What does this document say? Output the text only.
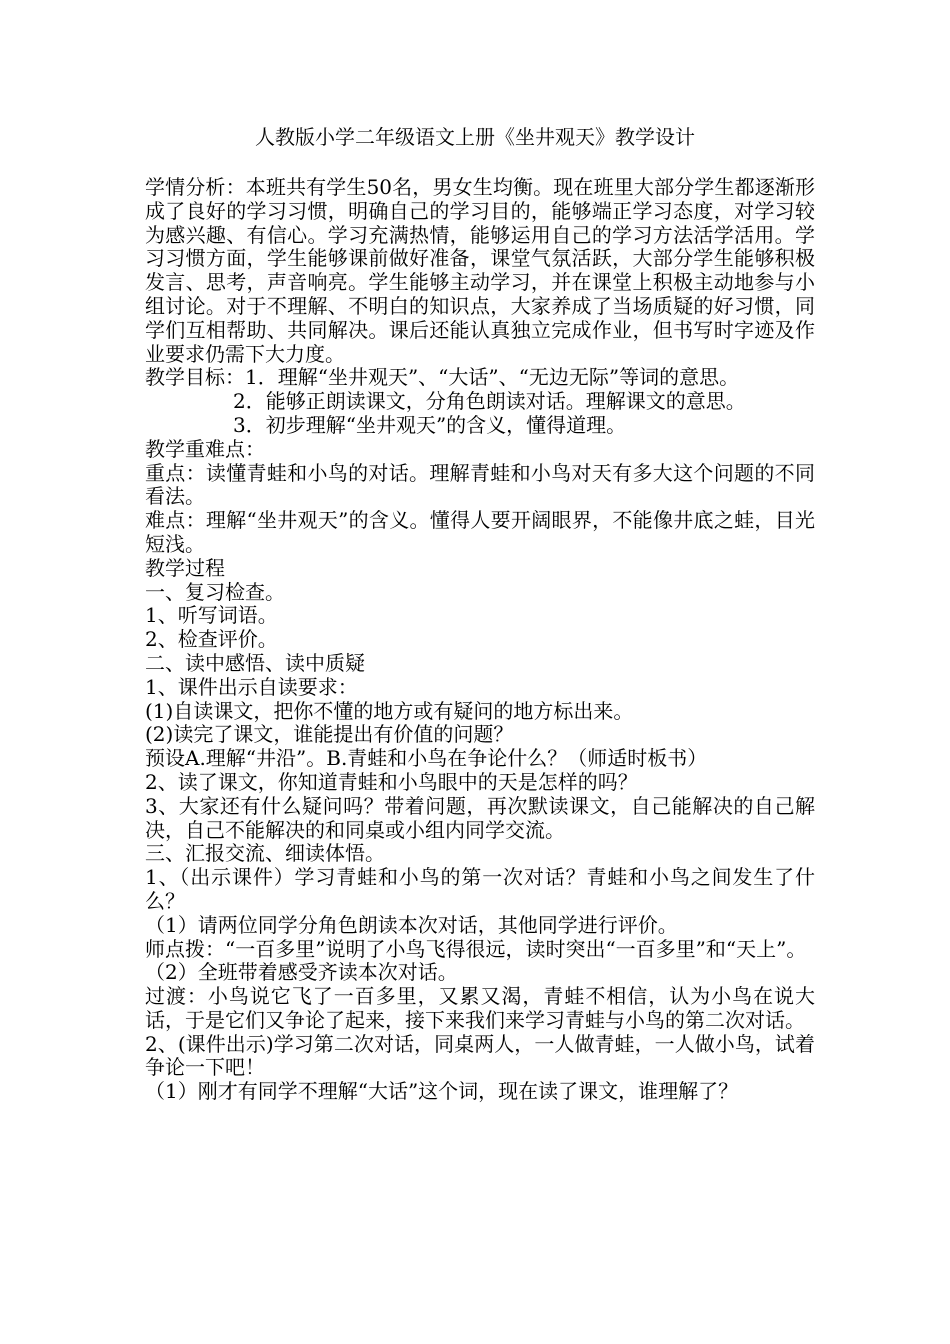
人教版小学二年级语文上册《坐井观天》教学设计

学情分析：本班共有学生50名，男女生均衡。现在班里大部分学生都逐渐形成了良好的学习习惯，明确自己的学习目的，能够端正学习态度，对学习较为感兴趣、有信心。学习充满热情，能够运用自己的学习方法活学活用。学习习惯方面，学生能够课前做好准备，课堂气氛活跃，大部分学生能够积极发言、思考，声音响亮。学生能够主动学习，并在课堂上积极主动地参与小组讨论。对于不理解、不明白的知识点，大家养成了当场质疑的好习惯，同学们互相帮助、共同解决。课后还能认真独立完成作业，但书写时字迹及作业要求仍需下大力度。

教学目标：1．理解“坐井观天”、“大话”、“无边无际”等词的意思。

2．能够正朗读课文，分角色朗读对话。理解课文的意思。

3．初步理解“坐井观天”的含义，懂得道理。

教学重难点：

重点：读懂青蛙和小鸟的对话。理解青蛙和小鸟对天有多大这个问题的不同看法。

难点：理解“坐井观天”的含义。懂得人要开阔眼界，不能像井底之蛙，目光短浅。

教学过程

一、复习检查。

1、听写词语。

2、检查评价。

二、读中感悟、读中质疑

1、课件出示自读要求：

(1)自读课文，把你不懂的地方或有疑问的地方标出来。

(2)读完了课文，谁能提出有价值的问题？

预设A.理解“井沿”。B.青蛙和小鸟在争论什么？（师适时板书）

2、读了课文，你知道青蛙和小鸟眼中的天是怎样的吗？

3、大家还有什么疑问吗？带着问题，再次默读课文，自己能解决的自己解决，自己不能解决的和同桌或小组内同学交流。

三、汇报交流、细读体悟。

1、（出示课件）学习青蛙和小鸟的第一次对话？青蛙和小鸟之间发生了什么？

（1）请两位同学分角色朗读本次对话，其他同学进行评价。

师点拨：“一百多里”说明了小鸟飞得很远，读时突出“一百多里”和“天上”。

（2）全班带着感受齐读本次对话。

过渡：小鸟说它飞了一百多里，又累又渴，青蛙不相信，认为小鸟在说大话，于是它们又争论了起来，接下来我们来学习青蛙与小鸟的第二次对话。

2、(课件出示)学习第二次对话，同桌两人，一人做青蛙，一人做小鸟，试着争论一下吧！

（1）刚才有同学不理解“大话”这个词，现在读了课文，谁理解了？
